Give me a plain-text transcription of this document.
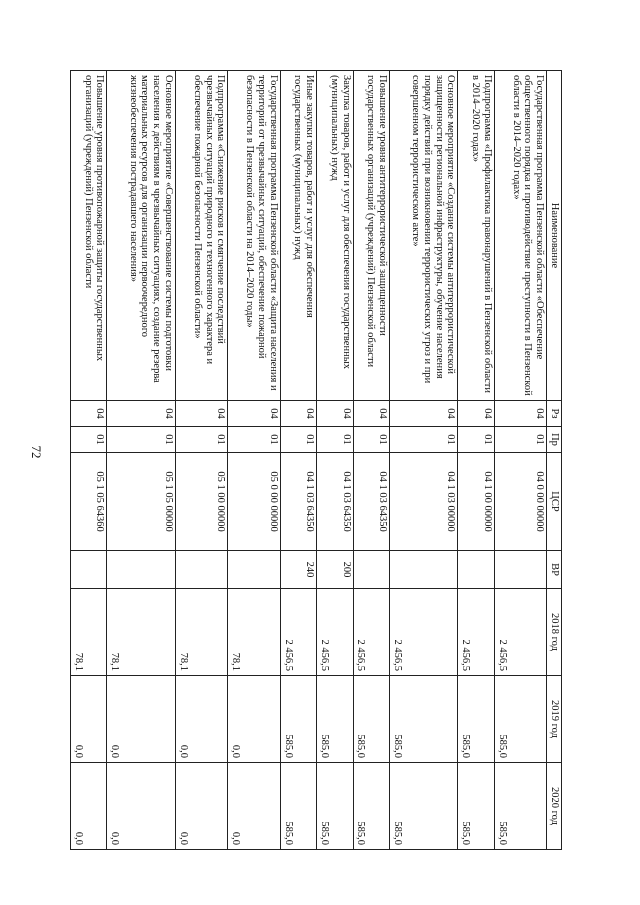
72
Наименование	Рз	Пр	ЦСР	ВР	2018 год	2019 год	2020 год
Государственная программа Пензенской области «Обеспечение общественного порядка и противодействие преступности в Пензенской области в 2014–2020 годах»	04	01	04 0 00 00000		2 456,5	585,0	585,0
Подпрограмма «Профилактика правонарушений в Пензенской области в 2014–2020 годах»	04	01	04 1 00 00000		2 456,5	585,0	585,0
Основное мероприятие «Создание системы антитеррористической защищенности региональной инфраструктуры, обучение населения порядку действий при возникновении террористических угроз и при совершенном террористическом акте»	04	01	04 1 03 00000		2 456,5	585,0	585,0
Повышение уровня антитеррористической защищенности государственных организаций (учреждений) Пензенской области	04	01	04 1 03 64350		2 456,5	585,0	585,0
Закупка товаров, работ и услуг для обеспечения государственных (муниципальных) нужд	04	01	04 1 03 64350	200	2 456,5	585,0	585,0
Иные закупки товаров, работ и услуг для обеспечения государственных (муниципальных) нужд	04	01	04 1 03 64350	240	2 456,5	585,0	585,0
Государственная программа Пензенской области «Защита населения и территорий от чрезвычайных ситуаций, обеспечение пожарной безопасности в Пензенской области на 2014–2020 годы»	04	01	05 0 00 00000		78,1	0,0	0,0
Подпрограмма «Снижение рисков и смягчение последствий чрезвычайных ситуаций природного и техногенного характера и обеспечение пожарной безопасности Пензенской области»	04	01	05 1 00 00000		78,1	0,0	0,0
Основное мероприятие «Совершенствование системы подготовки населения к действиям в чрезвычайных ситуациях, создание резерва материальных ресурсов для организации первоочередного жизнеобеспечения пострадавшего населения»	04	01	05 1 05 00000		78,1	0,0	0,0
Повышение уровня противопожарной защиты государственных организаций (учреждений) Пензенской области	04	01	05 1 05 64360		78,1	0,0	0,0
